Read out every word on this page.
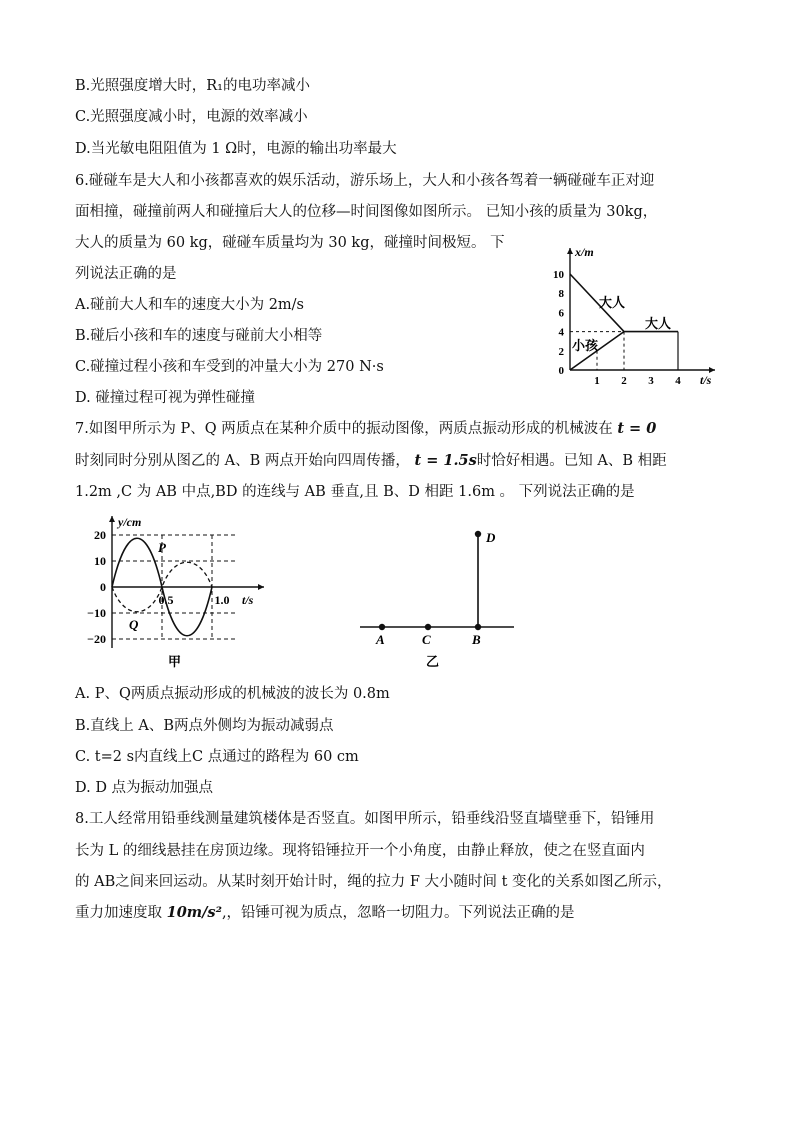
B.光照强度增大时，R₁的电功率减小
C.光照强度减小时，电源的效率减小
D.当光敏电阻阻值为 1 Ω时，电源的输出功率最大
6.碰碰车是大人和小孩都喜欢的娱乐活动，游乐场上，大人和小孩各驾着一辆碰碰车正对迎
面相撞，碰撞前两人和碰撞后大人的位移—时间图像如图所示。 已知小孩的质量为 30kg，
大人的质量为 60 kg，碰碰车质量均为 30 kg，碰撞时间极短。 下
列说法正确的是
A.碰前大人和车的速度大小为 2m/s
B.碰后小孩和车的速度与碰前大小相等
C.碰撞过程小孩和车受到的冲量大小为 270 N·s
D. 碰撞过程可视为弹性碰撞
7.如图甲所示为 P、Q 两质点在某种介质中的振动图像，两质点振动形成的机械波在 t = 0
时刻同时分别从图乙的 A、B 两点开始向四周传播， t = 1.5s时恰好相遇。已知 A、B 相距
1.2m ,C 为 AB 中点,BD 的连线与 AB 垂直,且 B、D 相距 1.6m 。 下列说法正确的是
A. P、Q两质点振动形成的机械波的波长为 0.8m
B.直线上 A、B两点外侧均为振动减弱点
C. t=2 s内直线上C 点通过的路程为 60 cm
D. D 点为振动加强点
8.工人经常用铅垂线测量建筑楼体是否竖直。如图甲所示，铅垂线沿竖直墙壁垂下，铅锤用
长为 L 的细线悬挂在房顶边缘。现将铅锤拉开一个小角度，由静止释放，使之在竖直面内
的 AB之间来回运动。从某时刻开始计时，绳的拉力 F 大小随时间 t 变化的关系如图乙所示，
重力加速度取 10m/s²,，铅锤可视为质点，忽略一切阻力。下列说法正确的是
x/m
t/s
10
8
6
4
2
0
1 2 3 4
大人
大人
小孩
y/cm
t/s
20
10
0
−10
−20
0.5	1.0
P
Q
甲
A	C	B
D
乙
